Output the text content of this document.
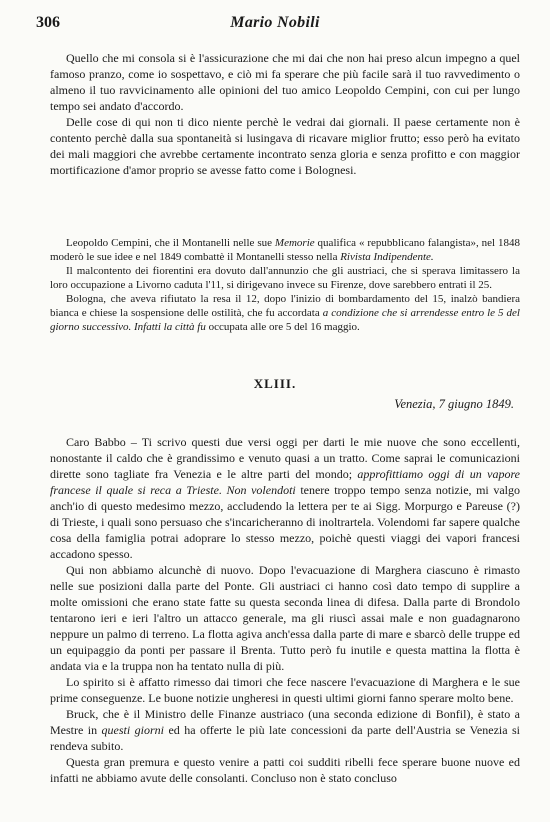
306	Mario Nobili

Quello che mi consola si è l'assicurazione che mi dai che non hai preso alcun impegno a quel famoso pranzo, come io sospettavo, e ciò mi fa sperare che più facile sarà il tuo ravvedimento o almeno il tuo ravvicinamento alle opinioni del tuo amico Leopoldo Cempini, con cui per lungo tempo sei andato d'accordo.

Delle cose di qui non ti dico niente perchè le vedrai dai giornali. Il paese certamente non è contento perchè dalla sua spontaneità si lusingava di ricavare miglior frutto; esso però ha evitato dei mali maggiori che avrebbe certamente incontrato senza gloria e senza profitto e con maggior mortificazione d'amor proprio se avesse fatto come i Bolognesi.

Leopoldo Cempini, che il Montanelli nelle sue Memorie qualifica « repubblicano falangista», nel 1848 moderò le sue idee e nel 1849 combattè il Montanelli stesso nella Rivista Indipendente.

Il malcontento dei fiorentini era dovuto dall'annunzio che gli austriaci, che si sperava limitassero la loro occupazione a Livorno caduta l'11, si dirigevano invece su Firenze, dove sarebbero entrati il 25.

Bologna, che aveva rifiutato la resa il 12, dopo l'inizio di bombardamento del 15, inalzò bandiera bianca e chiese la sospensione delle ostilità, che fu accordata a condizione che si arrendesse entro le 5 del giorno successivo. Infatti la città fu occupata alle ore 5 del 16 maggio.

XLIII.
Venezia, 7 giugno 1849.

Caro Babbo – Ti scrivo questi due versi oggi per darti le mie nuove che sono eccellenti, nonostante il caldo che è grandissimo e venuto quasi a un tratto. Come saprai le comunicazioni dirette sono tagliate fra Venezia e le altre parti del mondo; approfittiamo oggi di un vapore francese il quale si reca a Trieste. Non volendoti tenere troppo tempo senza notizie, mi valgo anch'io di questo medesimo mezzo, accludendo la lettera per te ai Sigg. Morpurgo e Pareuse (?) di Trieste, i quali sono persuaso che s'incaricheranno di inoltrartela. Volendomi far sapere qualche cosa della famiglia potrai adoprare lo stesso mezzo, poichè questi viaggi dei vapori francesi accadono spesso.

Qui non abbiamo alcunchè di nuovo. Dopo l'evacuazione di Marghera ciascuno è rimasto nelle sue posizioni dalla parte del Ponte. Gli austriaci ci hanno così dato tempo di supplire a molte omissioni che erano state fatte su questa seconda linea di difesa. Dalla parte di Brondolo tentarono ieri e ieri l'altro un attacco generale, ma gli riuscì assai male e non guadagnarono neppure un palmo di terreno. La flotta agiva anch'essa dalla parte di mare e sbarcò delle truppe ed un equipaggio da ponti per passare il Brenta. Tutto però fu inutile e questa mattina la flotta è andata via e la truppa non ha tentato nulla di più.

Lo spirito si è affatto rimesso dai timori che fece nascere l'evacuazione di Marghera e le sue prime conseguenze. Le buone notizie ungheresi in questi ultimi giorni fanno sperare molto bene.

Bruck, che è il Ministro delle Finanze austriaco (una seconda edizione di Bonfil), è stato a Mestre in questi giorni ed ha offerte le più late concessioni da parte dell'Austria se Venezia si rendeva subito.

Questa gran premura e questo venire a patti coi sudditi ribelli fece sperare buone nuove ed infatti ne abbiamo avute delle consolanti. Concluso non è stato concluso
